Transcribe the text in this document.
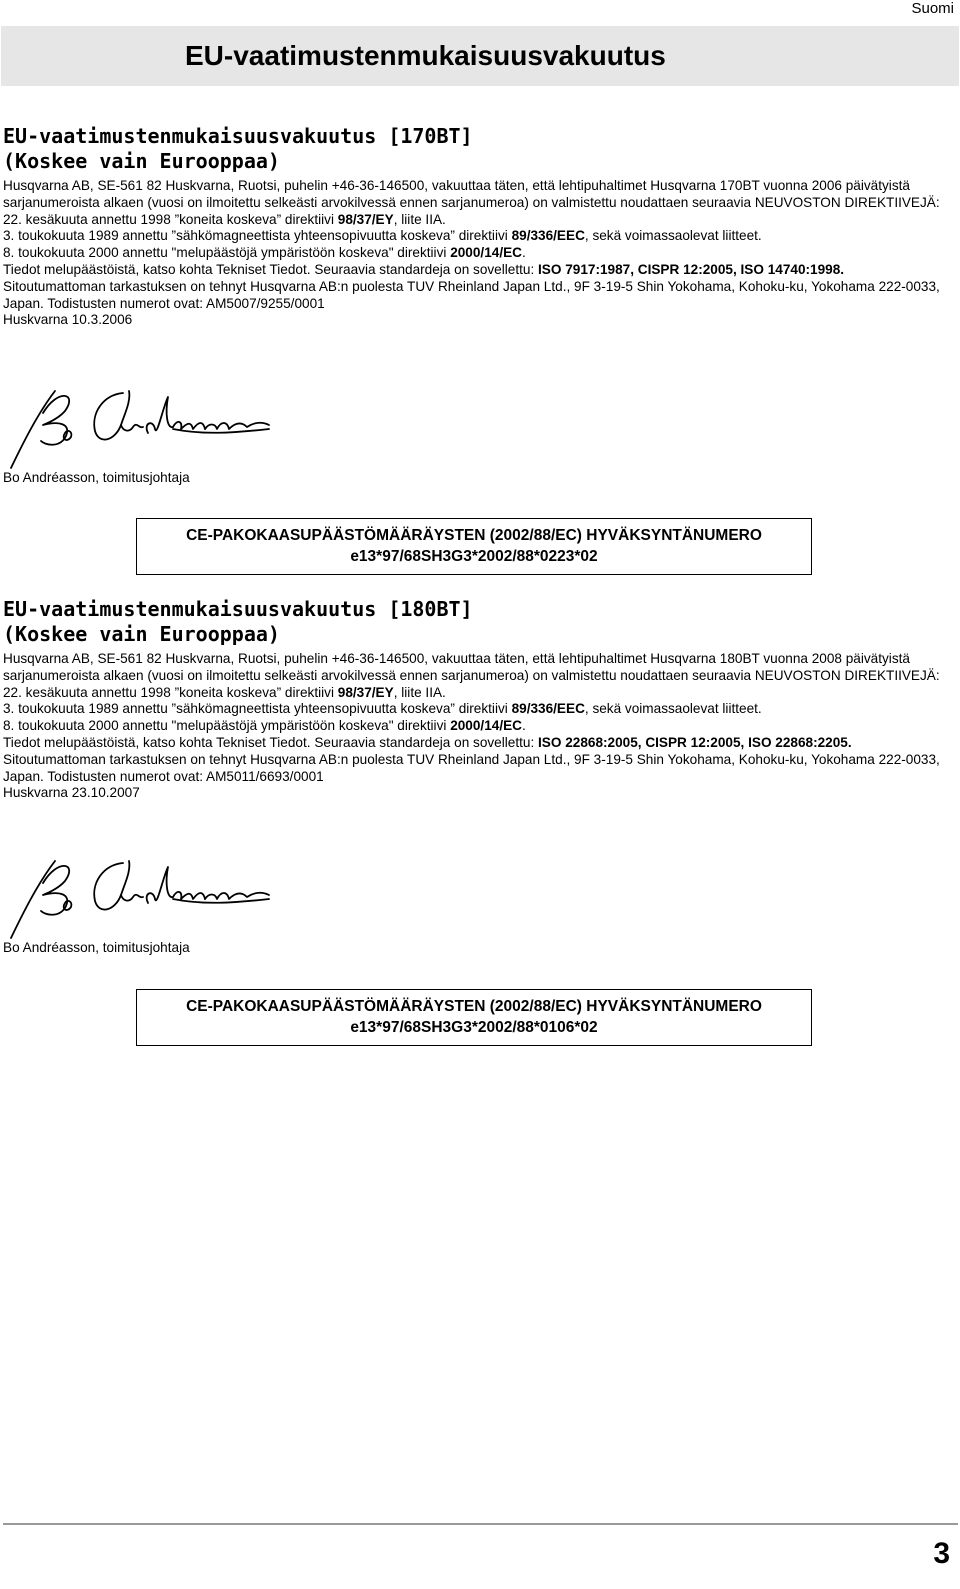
Suomi
EU-vaatimustenmukaisuusvakuutus
EU-vaatimustenmukaisuusvakuutus [170BT]
(Koskee vain Eurooppaa)

Husqvarna AB, SE-561 82 Huskvarna, Ruotsi, puhelin +46-36-146500, vakuuttaa täten, että lehtipuhaltimet Husqvarna 170BT vuonna 2006 päivätyistä sarjanumeroista alkaen (vuosi on ilmoitettu selkeästi arvokilvessä ennen sarjanumeroa) on valmistettu noudattaen seuraavia NEUVOSTON DIREKTIIVEJÄ:

22. kesäkuuta annettu 1998 ”koneita koskeva” direktiivi 98/37/EY, liite IIA.

3. toukokuuta 1989 annettu ”sähkömagneettista yhteensopivuutta koskeva” direktiivi 89/336/EEC, sekä voimassaolevat liitteet.

8. toukokuuta 2000 annettu "melupäästöjä ympäristöön koskeva" direktiivi 2000/14/EC.

Tiedot melupäästöistä, katso kohta Tekniset Tiedot. Seuraavia standardeja on sovellettu: ISO 7917:1987, CISPR 12:2005, ISO 14740:1998.

Sitoutumattoman tarkastuksen on tehnyt Husqvarna AB:n puolesta TUV Rheinland Japan Ltd., 9F 3-19-5 Shin Yokohama, Kohoku-ku, Yokohama 222-0033, Japan. Todistusten numerot ovat: AM5007/9255/0001

Huskvarna 10.3.2006

Bo Andréasson, toimitusjohtaja
CE-PAKOKAASUPÄÄSTÖMÄÄRÄYSTEN (2002/88/EC) HYVÄKSYNTÄNUMERO
e13*97/68SH3G3*2002/88*0223*02
EU-vaatimustenmukaisuusvakuutus [180BT]
(Koskee vain Eurooppaa)

Husqvarna AB, SE-561 82 Huskvarna, Ruotsi, puhelin +46-36-146500, vakuuttaa täten, että lehtipuhaltimet Husqvarna 180BT vuonna 2008 päivätyistä sarjanumeroista alkaen (vuosi on ilmoitettu selkeästi arvokilvessä ennen sarjanumeroa) on valmistettu noudattaen seuraavia NEUVOSTON DIREKTIIVEJÄ:

22. kesäkuuta annettu 1998 ”koneita koskeva” direktiivi 98/37/EY, liite IIA.

3. toukokuuta 1989 annettu ”sähkömagneettista yhteensopivuutta koskeva” direktiivi 89/336/EEC, sekä voimassaolevat liitteet.

8. toukokuuta 2000 annettu "melupäästöjä ympäristöön koskeva" direktiivi 2000/14/EC.

Tiedot melupäästöistä, katso kohta Tekniset Tiedot. Seuraavia standardeja on sovellettu: ISO 22868:2005, CISPR 12:2005, ISO 22868:2205.

Sitoutumattoman tarkastuksen on tehnyt Husqvarna AB:n puolesta TUV Rheinland Japan Ltd., 9F 3-19-5 Shin Yokohama, Kohoku-ku, Yokohama 222-0033, Japan. Todistusten numerot ovat: AM5011/6693/0001

Huskvarna 23.10.2007

Bo Andréasson, toimitusjohtaja
CE-PAKOKAASUPÄÄSTÖMÄÄRÄYSTEN (2002/88/EC) HYVÄKSYNTÄNUMERO
e13*97/68SH3G3*2002/88*0106*02
3
